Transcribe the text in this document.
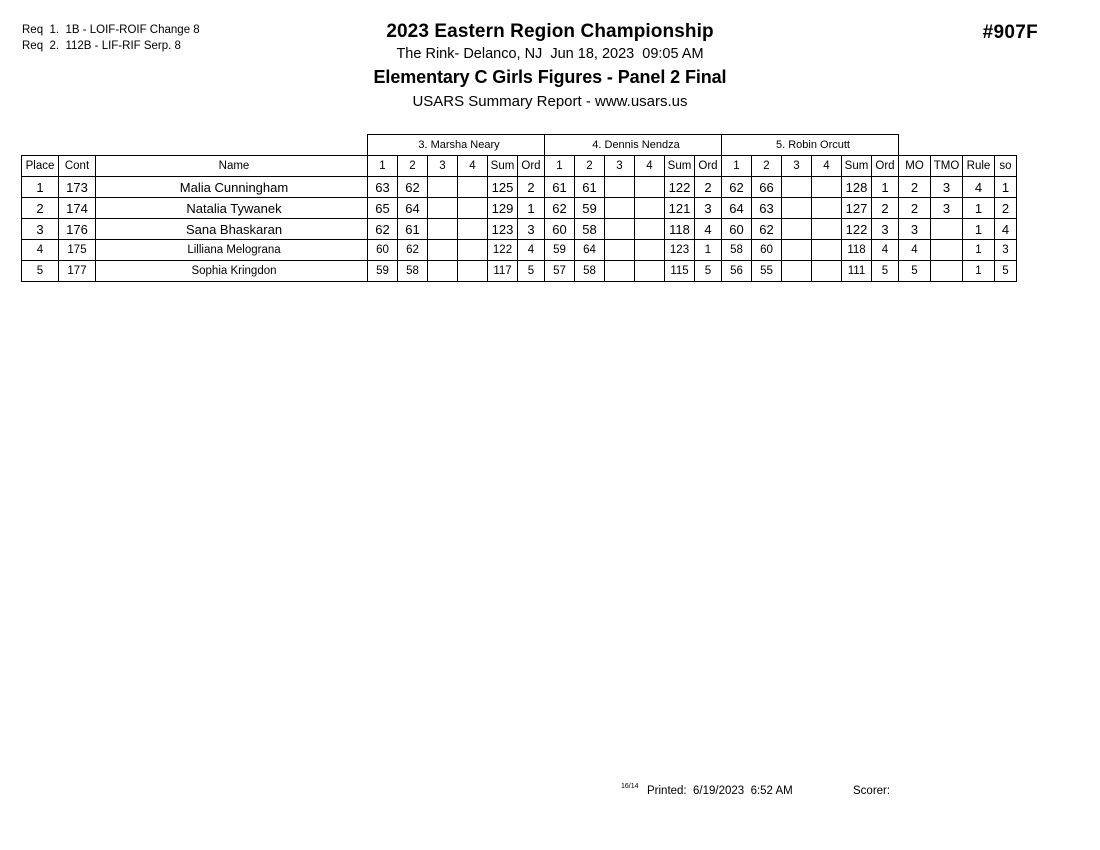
Req  1.  1B - LOIF-ROIF Change 8
Req  2.  112B - LIF-RIF Serp. 8
#907F
2023 Eastern Region Championship
The Rink- Delanco, NJ  Jun 18, 2023  09:05 AM
Elementary C Girls Figures - Panel 2 Final
USARS Summary Report - www.usars.us
			3. Marsha Neary						4. Dennis Nendza						5. Robin Orcutt									
Place	Cont	Name	1	2	3	4	Sum	Ord	1	2	3	4	Sum	Ord	1	2	3	4	Sum	Ord	MO	TMO	Rule	so
1	173	Malia Cunningham	63	62			125	2	61	61			122	2	62	66			128	1	2	3	4	1
2	174	Natalia Tywanek	65	64			129	1	62	59			121	3	64	63			127	2	2	3	1	2
3	176	Sana Bhaskaran	62	61			123	3	60	58			118	4	60	62			122	3	3		1	4
4	175	Lilliana Melograna	60	62			122	4	59	64			123	1	58	60			118	4	4		1	3
5	177	Sophia Kringdon	59	58			117	5	57	58			115	5	56	55			111	5	5		1	5
16/14 Printed:  6/19/2023  6:52 AM	Scorer:
